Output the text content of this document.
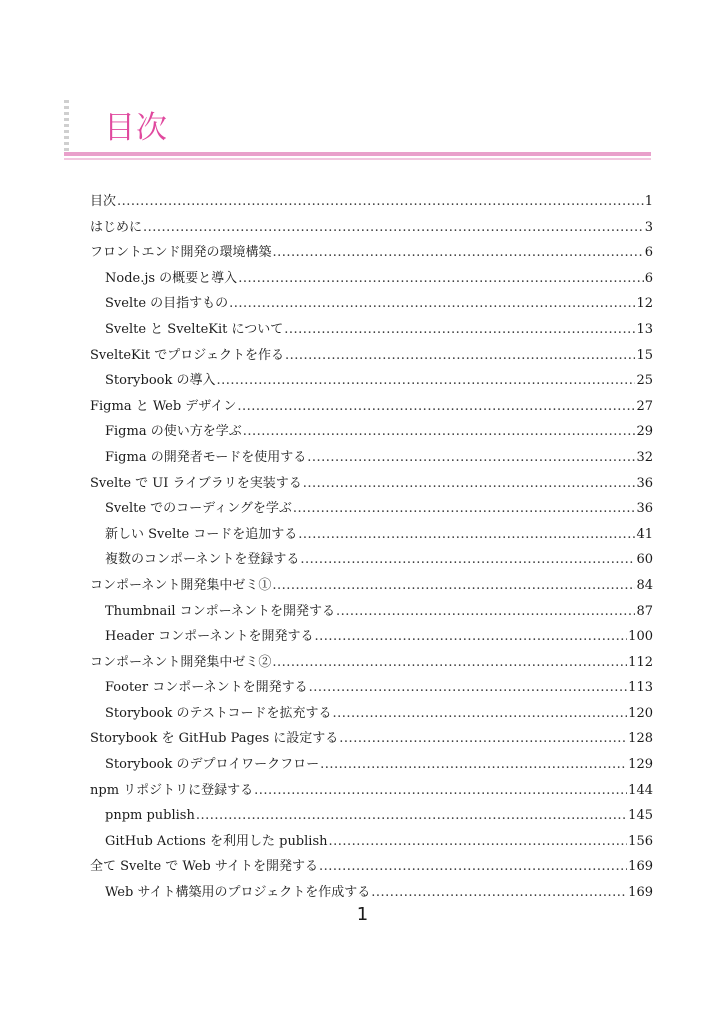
目次
目次 .....	1
はじめに .....	3
フロントエンド開発の環境構築 .....	6
Node.js の概要と導入 .....	6
Svelte の目指すもの .....	12
Svelte と SvelteKit について .....	13
SvelteKit でプロジェクトを作る .....	15
Storybook の導入 .....	25
Figma と Web デザイン .....	27
Figma の使い方を学ぶ .....	29
Figma の開発者モードを使用する .....	32
Svelte で UI ライブラリを実装する .....	36
Svelte でのコーディングを学ぶ .....	36
新しい Svelte コードを追加する .....	41
複数のコンポーネントを登録する .....	60
コンポーネント開発集中ゼミ① .....	84
Thumbnail コンポーネントを開発する .....	87
Header コンポーネントを開発する .....	100
コンポーネント開発集中ゼミ② .....	112
Footer コンポーネントを開発する .....	113
Storybook のテストコードを拡充する .....	120
Storybook を GitHub Pages に設定する .....	128
Storybook のデプロイワークフロー .....	129
npm リポジトリに登録する .....	144
pnpm publish .....	145
GitHub Actions を利用した publish .....	156
全て Svelte で Web サイトを開発する .....	169
Web サイト構築用のプロジェクトを作成する .....	169
1
